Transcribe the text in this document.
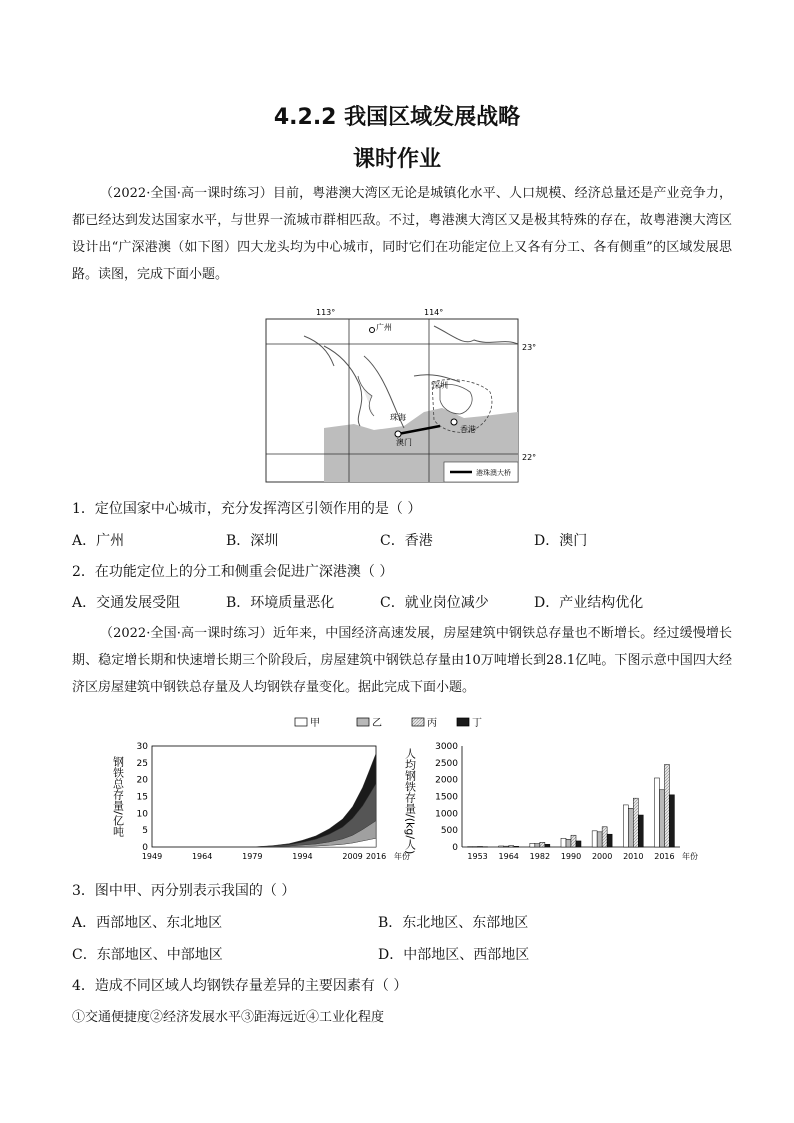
4.2.2 我国区域发展战略
课时作业
（2022·全国·高一课时练习）目前，粤港澳大湾区无论是城镇化水平、人口规模、经济总量还是产业竞争力，都已经达到发达国家水平，与世界一流城市群相匹敌。不过，粤港澳大湾区又是极其特殊的存在，故粤港澳大湾区设计出“广深港澳（如下图）四大龙头均为中心城市，同时它们在功能定位上又各有分工、各有侧重”的区域发展思路。读图，完成下面小题。
113°	114°
23°
22°
广州
深圳
珠海
澳门
香港
港珠澳大桥
1．定位国家中心城市，充分发挥湾区引领作用的是（ ）
A．广州	B．深圳	C．香港	D．澳门
2．在功能定位上的分工和侧重会促进广深港澳（ ）
A．交通发展受阻	B．环境质量恶化	C．就业岗位减少	D．产业结构优化
（2022·全国·高一课时练习）近年来，中国经济高速发展，房屋建筑中钢铁总存量也不断增长。经过缓慢增长期、稳定增长期和快速增长期三个阶段后，房屋建筑中钢铁总存量由10万吨增长到28.1亿吨。下图示意中国四大经济区房屋建筑中钢铁总存量及人均钢铁存量变化。据此完成下面小题。
甲	乙	丙	丁
0
5
10
15
20
25
30
1949	1964	1979	1994	2009 2016 年份
钢铁总存量/亿吨
0
500
1000
1500
2000
2500
3000
人均钢铁存量/(kg/人)
1953 1964 1982 1990 2000 2010 2016 年份
3．图中甲、丙分别表示我国的（ ）
A．西部地区、东北地区	B．东北地区、东部地区
C．东部地区、中部地区	D．中部地区、西部地区
4．造成不同区域人均钢铁存量差异的主要因素有（ ）
①交通便捷度②经济发展水平③距海远近④工业化程度
